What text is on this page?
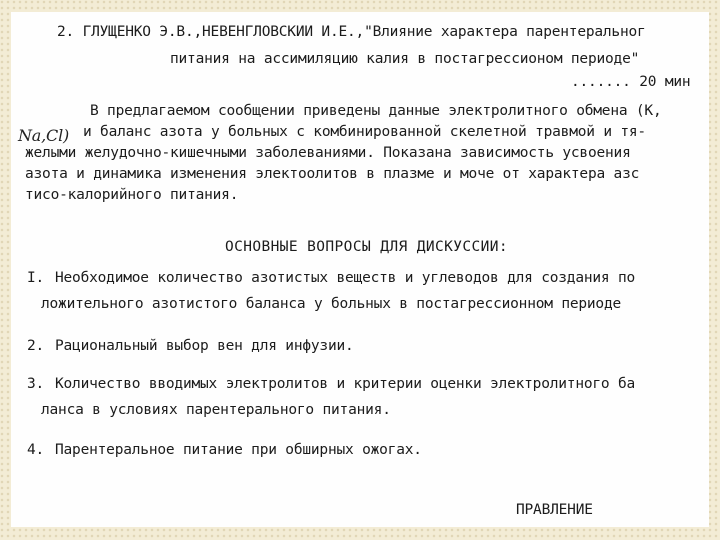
2. ГЛУЩЕНКО Э.В.,НЕВЕНГЛОВСКИИ И.Е.,"Влияние характера парентеральног
питания на ассимиляцию калия в постагрессионом периоде"
....... 20 мин
Na,Cl)
В предлагаемом сообщении приведены данные электролитного обмена (К,
и баланс азота у больных с комбинированной скелетной травмой и тя-
желыми желудочно-кишечными заболеваниями. Показана зависимость усвоения
азота и динамика изменения электоолитов в плазме и моче от характера азс
тисо-калорийного питания.
ОСНОВНЫЕ ВОПРОСЫ ДЛЯ ДИСКУССИИ:
I. Необходимое количество азотистых веществ и углеводов для создания по
ложительного азотистого баланса у больных в постагрессионном периоде
2. Рациональный выбор вен для инфузии.
3. Количество вводимых электролитов и критерии оценки электролитного ба
ланса в условиях парентерального питания.
4. Парентеральное питание при обширных ожогах.
ПРАВЛЕНИЕ
